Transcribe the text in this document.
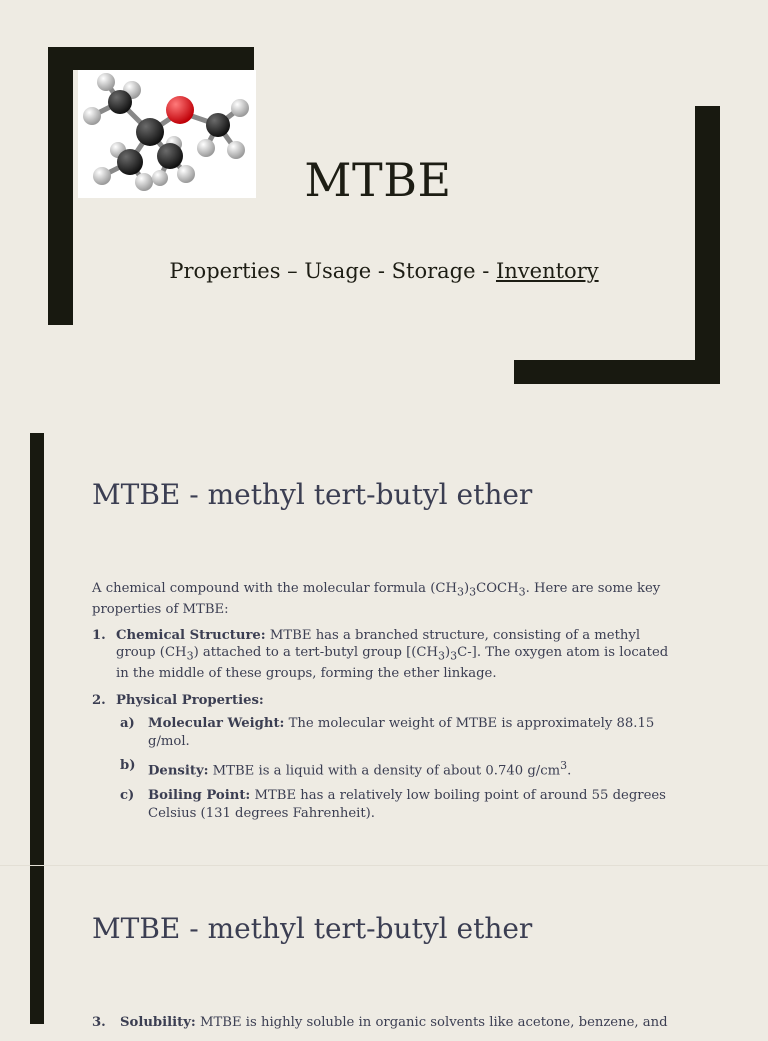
MTBE
Properties – Usage - Storage - Inventory
MTBE - methyl tert-butyl ether

A chemical compound with the molecular formula $(CH_3)_3COCH_3$. Here are some key properties of MTBE:

1. Chemical Structure: MTBE has a branched structure, consisting of a methyl group $(CH_3)$ attached to a tert-butyl group $[(CH_3)_3C-]$. The oxygen atom is located in the middle of these groups, forming the ether linkage.
2. Physical Properties:
a) Molecular Weight: The molecular weight of MTBE is approximately 88.15 g/mol.
b) Density: MTBE is a liquid with a density of about 0.740 $g/cm^3$.
c) Boiling Point: MTBE has a relatively low boiling point of around 55 degrees Celsius (131 degrees Fahrenheit).
MTBE - methyl tert-butyl ether
3. Solubility: MTBE is highly soluble in organic solvents like acetone, benzene, and
